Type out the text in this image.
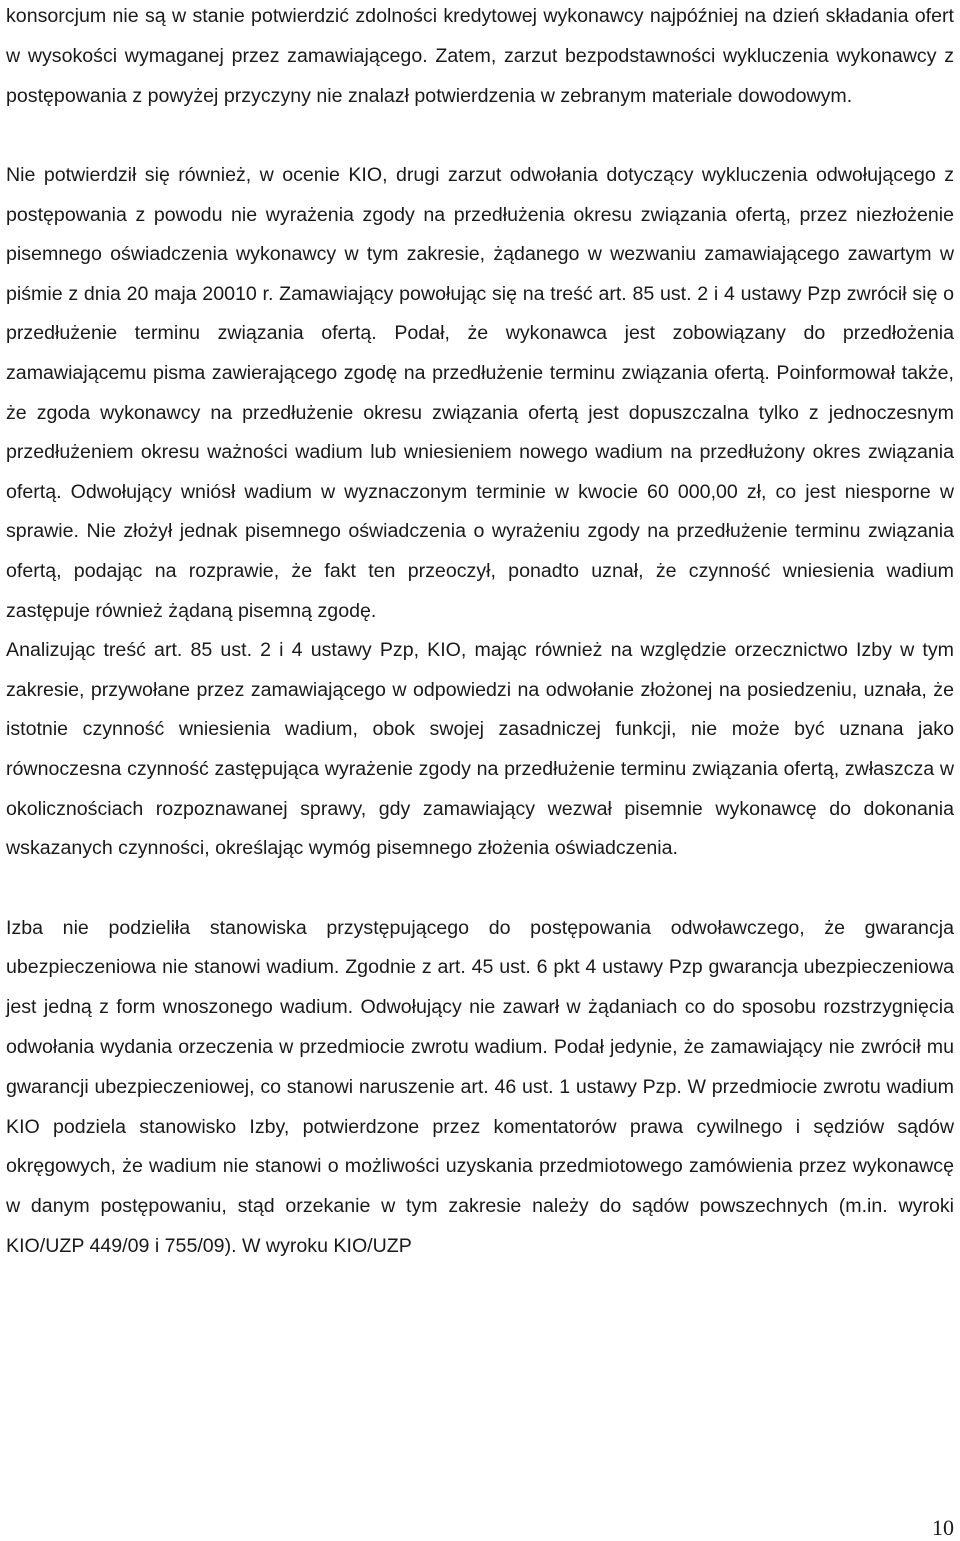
konsorcjum nie są w stanie potwierdzić zdolności kredytowej wykonawcy najpóźniej na dzień składania ofert w wysokości wymaganej przez zamawiającego. Zatem, zarzut bezpodstawności wykluczenia wykonawcy z postępowania z powyżej przyczyny nie znalazł potwierdzenia w zebranym materiale dowodowym.

Nie potwierdził się również, w ocenie KIO, drugi zarzut odwołania dotyczący wykluczenia odwołującego z postępowania z powodu nie wyrażenia zgody na przedłużenia okresu związania ofertą, przez niezłożenie pisemnego oświadczenia wykonawcy w tym zakresie, żądanego w wezwaniu zamawiającego zawartym w piśmie z dnia 20 maja 20010 r. Zamawiający powołując się na treść art. 85 ust. 2 i 4 ustawy Pzp zwrócił się o przedłużenie terminu związania ofertą. Podał, że wykonawca jest zobowiązany do przedłożenia zamawiającemu pisma zawierającego zgodę na przedłużenie terminu związania ofertą. Poinformował także, że zgoda wykonawcy na przedłużenie okresu związania ofertą jest dopuszczalna tylko z jednoczesnym przedłużeniem okresu ważności wadium lub wniesieniem nowego wadium na przedłużony okres związania ofertą. Odwołujący wniósł wadium w wyznaczonym terminie w kwocie 60 000,00 zł, co jest niesporne w sprawie. Nie złożył jednak pisemnego oświadczenia o wyrażeniu zgody na przedłużenie terminu związania ofertą, podając na rozprawie, że fakt ten przeoczył, ponadto uznał, że czynność wniesienia wadium zastępuje również żądaną pisemną zgodę.

Analizując treść art. 85 ust. 2 i 4 ustawy Pzp, KIO, mając również na względzie orzecznictwo Izby w tym zakresie, przywołane przez zamawiającego w odpowiedzi na odwołanie złożonej na posiedzeniu, uznała, że istotnie czynność wniesienia wadium, obok swojej zasadniczej funkcji, nie może być uznana jako równoczesna czynność zastępująca wyrażenie zgody na przedłużenie terminu związania ofertą, zwłaszcza w okolicznościach rozpoznawanej sprawy, gdy zamawiający wezwał pisemnie wykonawcę do dokonania wskazanych czynności, określając wymóg pisemnego złożenia oświadczenia.

Izba nie podzieliła stanowiska przystępującego do postępowania odwoławczego, że gwarancja ubezpieczeniowa nie stanowi wadium. Zgodnie z art. 45 ust. 6 pkt 4 ustawy Pzp gwarancja ubezpieczeniowa jest jedną z form wnoszonego wadium. Odwołujący nie zawarł w żądaniach co do sposobu rozstrzygnięcia odwołania wydania orzeczenia w przedmiocie zwrotu wadium. Podał jedynie, że zamawiający nie zwrócił mu gwarancji ubezpieczeniowej, co stanowi naruszenie art. 46 ust. 1 ustawy Pzp. W przedmiocie zwrotu wadium KIO podziela stanowisko Izby, potwierdzone przez komentatorów prawa cywilnego i sędziów sądów okręgowych, że wadium nie stanowi o możliwości uzyskania przedmiotowego zamówienia przez wykonawcę w danym postępowaniu, stąd orzekanie w tym zakresie należy do sądów powszechnych (m.in. wyroki KIO/UZP 449/09 i 755/09). W wyroku KIO/UZP

10
